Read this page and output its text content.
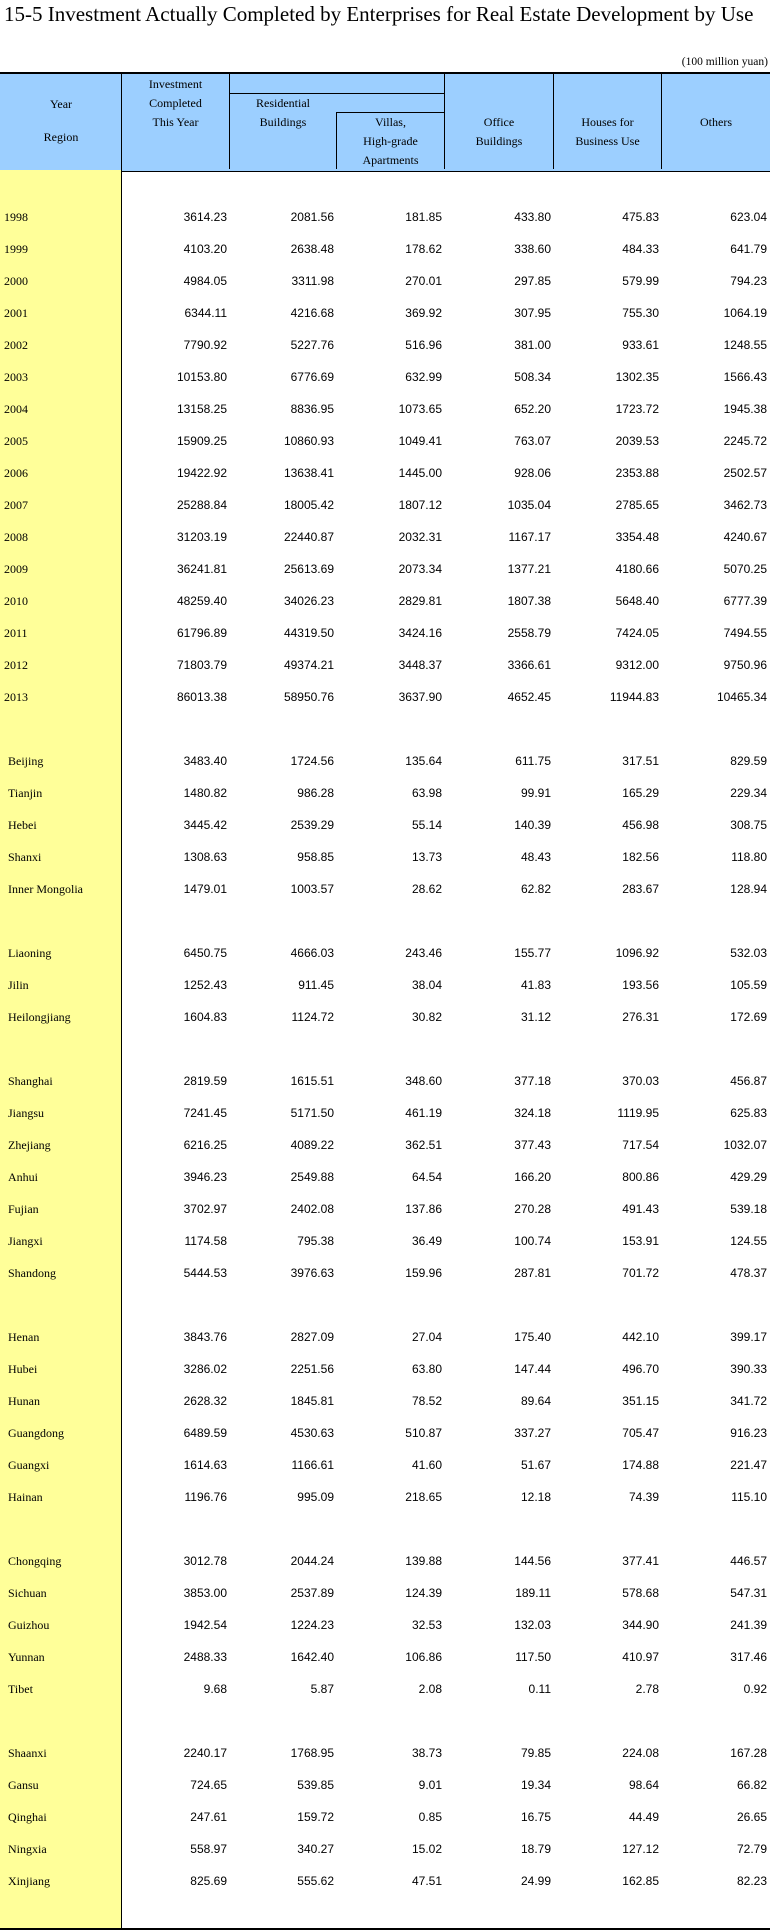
15-5 Investment Actually Completed by Enterprises for Real Estate Development by Use
(100 million yuan)
Year
Region
Investment
Completed
This Year
Residential
Buildings	Villas,
High-grade
Apartments
Office
Buildings
Houses for
Business Use
Others
1998	3614.23	2081.56	181.85	433.80	475.83	623.04
1999	4103.20	2638.48	178.62	338.60	484.33	641.79
2000	4984.05	3311.98	270.01	297.85	579.99	794.23
2001	6344.11	4216.68	369.92	307.95	755.30	1064.19
2002	7790.92	5227.76	516.96	381.00	933.61	1248.55
2003	10153.80	6776.69	632.99	508.34	1302.35	1566.43
2004	13158.25	8836.95	1073.65	652.20	1723.72	1945.38
2005	15909.25	10860.93	1049.41	763.07	2039.53	2245.72
2006	19422.92	13638.41	1445.00	928.06	2353.88	2502.57
2007	25288.84	18005.42	1807.12	1035.04	2785.65	3462.73
2008	31203.19	22440.87	2032.31	1167.17	3354.48	4240.67
2009	36241.81	25613.69	2073.34	1377.21	4180.66	5070.25
2010	48259.40	34026.23	2829.81	1807.38	5648.40	6777.39
2011	61796.89	44319.50	3424.16	2558.79	7424.05	7494.55
2012	71803.79	49374.21	3448.37	3366.61	9312.00	9750.96
2013	86013.38	58950.76	3637.90	4652.45	11944.83	10465.34
Beijing	3483.40	1724.56	135.64	611.75	317.51	829.59
Tianjin	1480.82	986.28	63.98	99.91	165.29	229.34
Hebei	3445.42	2539.29	55.14	140.39	456.98	308.75
Shanxi	1308.63	958.85	13.73	48.43	182.56	118.80
Inner Mongolia	1479.01	1003.57	28.62	62.82	283.67	128.94
Liaoning	6450.75	4666.03	243.46	155.77	1096.92	532.03
Jilin	1252.43	911.45	38.04	41.83	193.56	105.59
Heilongjiang	1604.83	1124.72	30.82	31.12	276.31	172.69
Shanghai	2819.59	1615.51	348.60	377.18	370.03	456.87
Jiangsu	7241.45	5171.50	461.19	324.18	1119.95	625.83
Zhejiang	6216.25	4089.22	362.51	377.43	717.54	1032.07
Anhui	3946.23	2549.88	64.54	166.20	800.86	429.29
Fujian	3702.97	2402.08	137.86	270.28	491.43	539.18
Jiangxi	1174.58	795.38	36.49	100.74	153.91	124.55
Shandong	5444.53	3976.63	159.96	287.81	701.72	478.37
Henan	3843.76	2827.09	27.04	175.40	442.10	399.17
Hubei	3286.02	2251.56	63.80	147.44	496.70	390.33
Hunan	2628.32	1845.81	78.52	89.64	351.15	341.72
Guangdong	6489.59	4530.63	510.87	337.27	705.47	916.23
Guangxi	1614.63	1166.61	41.60	51.67	174.88	221.47
Hainan	1196.76	995.09	218.65	12.18	74.39	115.10
Chongqing	3012.78	2044.24	139.88	144.56	377.41	446.57
Sichuan	3853.00	2537.89	124.39	189.11	578.68	547.31
Guizhou	1942.54	1224.23	32.53	132.03	344.90	241.39
Yunnan	2488.33	1642.40	106.86	117.50	410.97	317.46
Tibet	9.68	5.87	2.08	0.11	2.78	0.92
Shaanxi	2240.17	1768.95	38.73	79.85	224.08	167.28
Gansu	724.65	539.85	9.01	19.34	98.64	66.82
Qinghai	247.61	159.72	0.85	16.75	44.49	26.65
Ningxia	558.97	340.27	15.02	18.79	127.12	72.79
Xinjiang	825.69	555.62	47.51	24.99	162.85	82.23
